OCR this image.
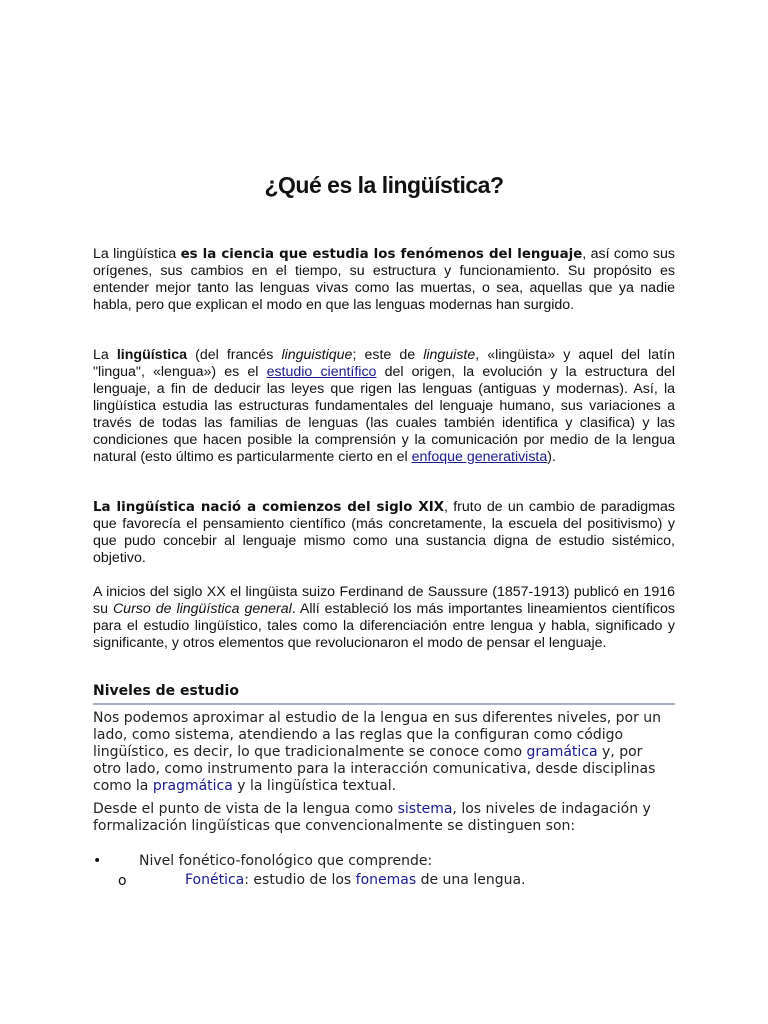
¿Qué es la lingüística?

La lingüística es la ciencia que estudia los fenómenos del lenguaje, así como sus orígenes, sus cambios en el tiempo, su estructura y funcionamiento. Su propósito es entender mejor tanto las lenguas vivas como las muertas, o sea, aquellas que ya nadie habla, pero que explican el modo en que las lenguas modernas han surgido.

La lingüística (del francés linguistique; este de linguiste, «lingüista» y aquel del latín "lingua", «lengua») es el estudio científico del origen, la evolución y la estructura del lenguaje, a fin de deducir las leyes que rigen las lenguas (antiguas y modernas). Así, la lingüística estudia las estructuras fundamentales del lenguaje humano, sus variaciones a través de todas las familias de lenguas (las cuales también identifica y clasifica) y las condiciones que hacen posible la comprensión y la comunicación por medio de la lengua natural (esto último es particularmente cierto en el enfoque generativista).

La lingüística nació a comienzos del siglo XIX, fruto de un cambio de paradigmas que favorecía el pensamiento científico (más concretamente, la escuela del positivismo) y que pudo concebir al lenguaje mismo como una sustancia digna de estudio sistémico, objetivo.

A inicios del siglo XX el lingüista suizo Ferdinand de Saussure (1857-1913) publicó en 1916 su Curso de lingüística general. Allí estableció los más importantes lineamientos científicos para el estudio lingüístico, tales como la diferenciación entre lengua y habla, significado y significante, y otros elementos que revolucionaron el modo de pensar el lenguaje.

Niveles de estudio

Nos podemos aproximar al estudio de la lengua en sus diferentes niveles, por un lado, como sistema, atendiendo a las reglas que la configuran como código lingüístico, es decir, lo que tradicionalmente se conoce como gramática y, por otro lado, como instrumento para la interacción comunicativa, desde disciplinas como la pragmática y la lingüística textual.

Desde el punto de vista de la lengua como sistema, los niveles de indagación y formalización lingüísticas que convencionalmente se distinguen son:

•	Nivel fonético-fonológico que comprende:
o	Fonética: estudio de los fonemas de una lengua.
